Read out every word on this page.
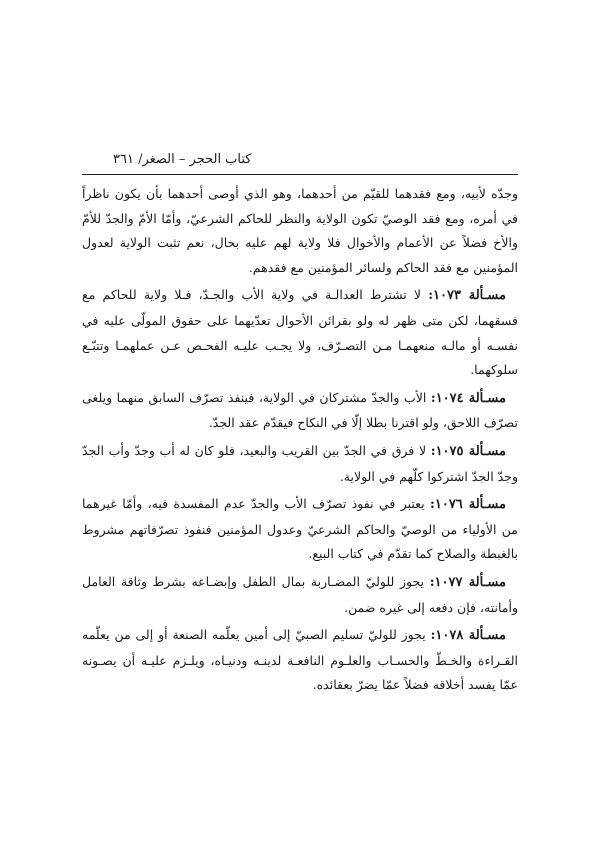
كتاب الحجر – الصغر/ ٣٦١

وجدّه لأبيه، ومع فقدهما للقيّم من أحدهما، وهو الذي أوصى أحدهما بأن يكون ناظراً في أمره، ومع فقد الوصيّ تكون الولاية والنظر للحاكم الشرعيّ، وأمّا الأمّ والجدّ للأمّ والأخ فضلاً عن الأعمام والأخوال فلا ولاية لهم عليه بحال، نعم تثبت الولاية لعدول المؤمنين مع فقد الحاكم ولسائر المؤمنين مع فقدهم.

مسـألة ١٠٧٣: لا تشترط العدالـة في ولاية الأب والجـدّ، فـلا ولاية للحاكم مع فسقهما، لكن متى ظهر له ولو بقرائن الأحوال تعدّيهما على حقوق المولّى عليه في نفسـه أو مالـه منعهمـا مـن التصـرّف، ولا يجـب عليـه الفحـص عـن عملهمـا وتتبّـع سلوكهما.

مسـألة ١٠٧٤: الأب والجدّ مشتركان في الولاية، فينفذ تصرّف السابق منهما ويلغى تصرّف اللاحق، ولو اقترنا بطلا إلّا في النكاح فيقدّم عقد الجدّ.

مسـألة ١٠٧٥: لا فرق في الجدّ بين القريب والبعيد، فلو كان له أب وجدّ وأب الجدّ وجدّ الجدّ اشتركوا كلّهم في الولاية.

مسـألة ١٠٧٦: يعتبر في نفوذ تصرّف الأب والجدّ عدم المفسدة فيه، وأمّا غيرهما من الأولياء من الوصيّ والحاكم الشرعيّ وعدول المؤمنين فنفوذ تصرّفاتهم مشروط بالغبطة والصلاح كما تقدّم في كتاب البيع.

مسـألة ١٠٧٧: يجوز للوليّ المضـاربة بمال الطفل وإبضـاعه بشرط وثاقة العامل وأمانته، فإن دفعه إلى غيره ضمن.

مسـألة ١٠٧٨: يجوز للوليّ تسليم الصبيّ إلى أمين يعلّمه الصنعة أو إلى من يعلّمه القـراءة والخـطّ والحسـاب والعلـوم النافعـة لدينـه ودنيـاه، ويلـزم عليـه أن يصـونه عمّا يفسد أخلاقه فضلاً عمّا يضرّ بعقائده.
